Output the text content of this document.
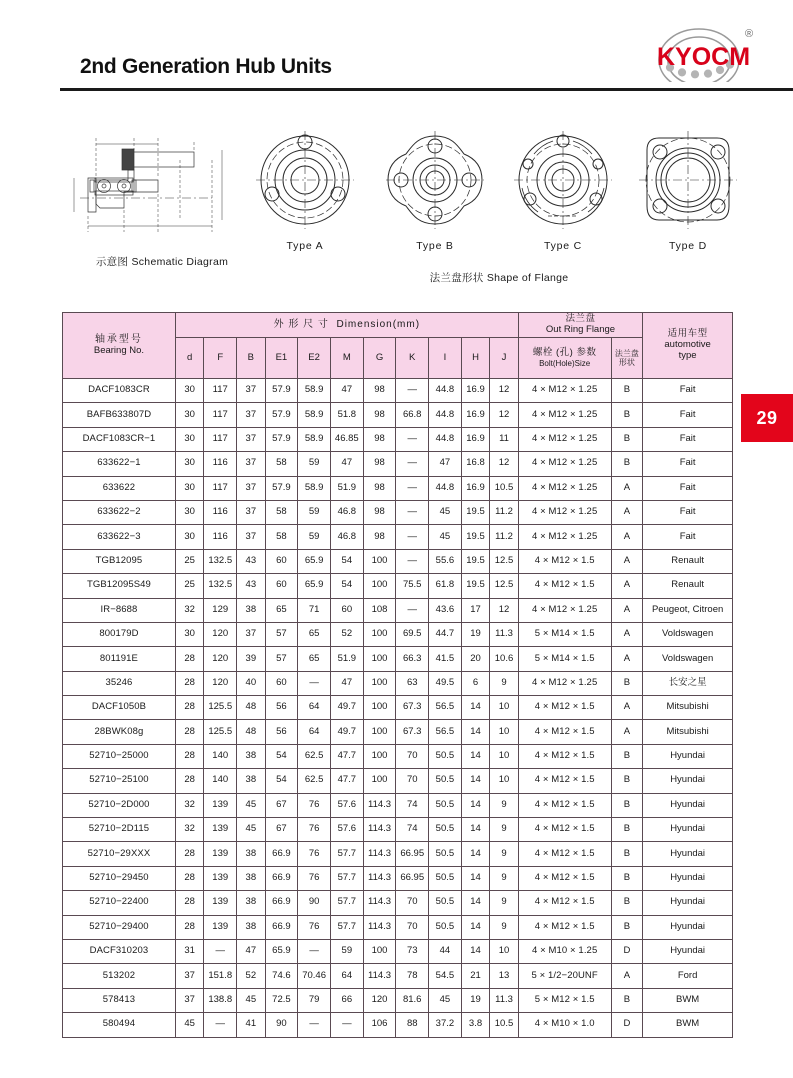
2nd Generation Hub Units	KYOCM
®
Type A	Type B	Type C	Type D
示意图 Schematic Diagram
法兰盘形状 Shape of Flange
29
轴承型号
Bearing No.	外 形 尺 寸 Dimension(mm)											法兰盘
Out Ring Flange		适用车型
automotive
type

	d	F	B	E1	E2	M	G	K	I	H	J	螺栓 (孔) 参数
Bolt(Hole)Size	法兰盘
形状	

DACF1083CR	30	117	37	57.9	58.9	47	98	—	44.8	16.9	12	4 × M12 × 1.25	B	Fait
BAFB633807D	30	117	37	57.9	58.9	51.8	98	66.8	44.8	16.9	12	4 × M12 × 1.25	B	Fait
DACF1083CR−1	30	117	37	57.9	58.9	46.85	98	—	44.8	16.9	11	4 × M12 × 1.25	B	Fait
633622−1	30	116	37	58	59	47	98	—	47	16.8	12	4 × M12 × 1.25	B	Fait
633622	30	117	37	57.9	58.9	51.9	98	—	44.8	16.9	10.5	4 × M12 × 1.25	A	Fait
633622−2	30	116	37	58	59	46.8	98	—	45	19.5	11.2	4 × M12 × 1.25	A	Fait
633622−3	30	116	37	58	59	46.8	98	—	45	19.5	11.2	4 × M12 × 1.25	A	Fait
TGB12095	25	132.5	43	60	65.9	54	100	—	55.6	19.5	12.5	4 × M12 × 1.5	A	Renault
TGB12095S49	25	132.5	43	60	65.9	54	100	75.5	61.8	19.5	12.5	4 × M12 × 1.5	A	Renault
IR−8688	32	129	38	65	71	60	108	—	43.6	17	12	4 × M12 × 1.25	A	Peugeot, Citroen
800179D	30	120	37	57	65	52	100	69.5	44.7	19	11.3	5 × M14 × 1.5	A	Voldswagen
801191E	28	120	39	57	65	51.9	100	66.3	41.5	20	10.6	5 × M14 × 1.5	A	Voldswagen
35246	28	120	40	60	—	47	100	63	49.5	6	9	4 × M12 × 1.25	B	长安之星
DACF1050B	28	125.5	48	56	64	49.7	100	67.3	56.5	14	10	4 × M12 × 1.5	A	Mitsubishi
28BWK08g	28	125.5	48	56	64	49.7	100	67.3	56.5	14	10	4 × M12 × 1.5	A	Mitsubishi
52710−25000	28	140	38	54	62.5	47.7	100	70	50.5	14	10	4 × M12 × 1.5	B	Hyundai
52710−25100	28	140	38	54	62.5	47.7	100	70	50.5	14	10	4 × M12 × 1.5	B	Hyundai
52710−2D000	32	139	45	67	76	57.6	114.3	74	50.5	14	9	4 × M12 × 1.5	B	Hyundai
52710−2D115	32	139	45	67	76	57.6	114.3	74	50.5	14	9	4 × M12 × 1.5	B	Hyundai
52710−29XXX	28	139	38	66.9	76	57.7	114.3	66.95	50.5	14	9	4 × M12 × 1.5	B	Hyundai
52710−29450	28	139	38	66.9	76	57.7	114.3	66.95	50.5	14	9	4 × M12 × 1.5	B	Hyundai
52710−22400	28	139	38	66.9	90	57.7	114.3	70	50.5	14	9	4 × M12 × 1.5	B	Hyundai
52710−29400	28	139	38	66.9	76	57.7	114.3	70	50.5	14	9	4 × M12 × 1.5	B	Hyundai
DACF310203	31	—	47	65.9	—	59	100	73	44	14	10	4 × M10 × 1.25	D	Hyundai
513202	37	151.8	52	74.6	70.46	64	114.3	78	54.5	21	13	5 × 1/2−20UNF	A	Ford
578413	37	138.8	45	72.5	79	66	120	81.6	45	19	11.3	5 × M12 × 1.5	B	BWM
580494	45	—	41	90	—	—	106	88	37.2	3.8	10.5	4 × M10 × 1.0	D	BWM
